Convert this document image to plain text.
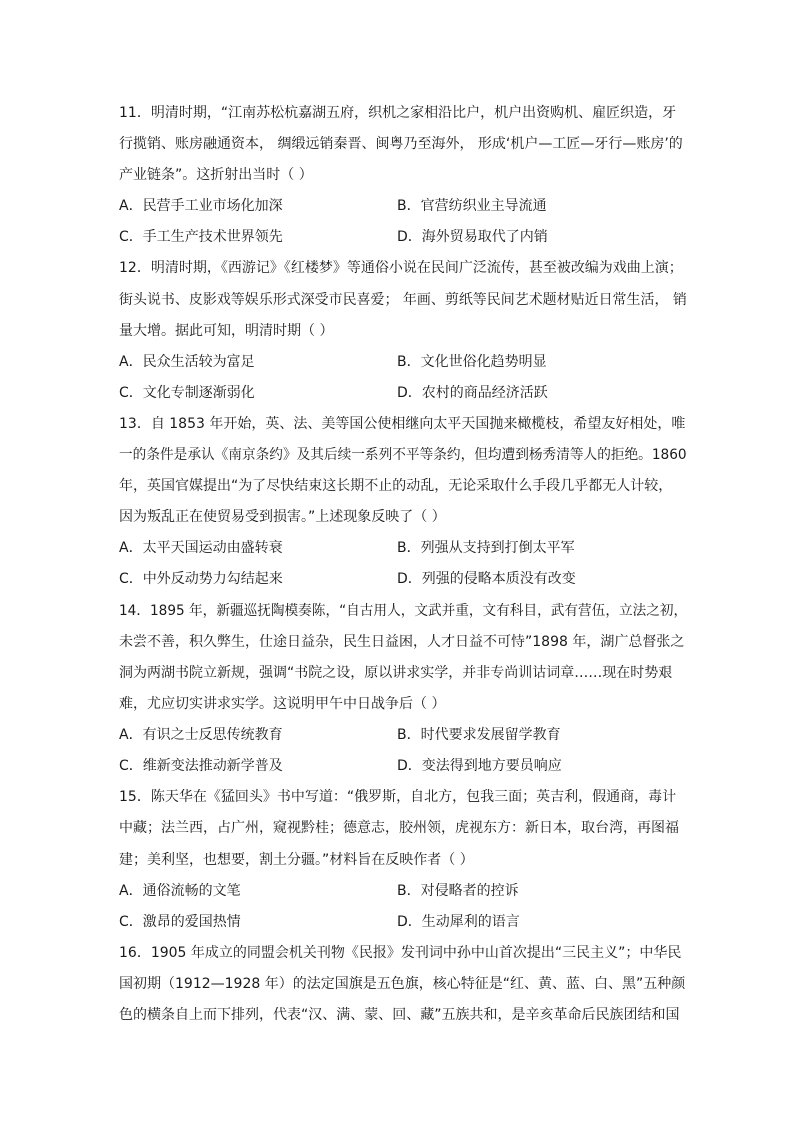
11．明清时期，“江南苏松杭嘉湖五府，织机之家相沿比户，机户出资购机、雇匠织造，牙
行揽销、账房融通资本， 绸缎远销秦晋、闽粤乃至海外， 形成‘机户—工匠—牙行—账房’的
产业链条”。这折射出当时（ ）
A．民营手工业市场化加深	B．官营纺织业主导流通
C．手工生产技术世界领先	D．海外贸易取代了内销
12．明清时期，《西游记》《红楼梦》等通俗小说在民间广泛流传，甚至被改编为戏曲上演；
街头说书、皮影戏等娱乐形式深受市民喜爱； 年画、剪纸等民间艺术题材贴近日常生活， 销
量大增。据此可知，明清时期（ ）
A．民众生活较为富足	B．文化世俗化趋势明显
C．文化专制逐渐弱化	D．农村的商品经济活跃
13．自 1853 年开始，英、法、美等国公使相继向太平天国抛来橄榄枝，希望友好相处，唯
一的条件是承认《南京条约》及其后续一系列不平等条约，但均遭到杨秀清等人的拒绝。1860
年，英国官媒提出“为了尽快结束这长期不止的动乱，无论采取什么手段几乎都无人计较，
因为叛乱正在使贸易受到损害。”上述现象反映了（ ）
A．太平天国运动由盛转衰	B．列强从支持到打倒太平军
C．中外反动势力勾结起来	D．列强的侵略本质没有改变
14．1895 年，新疆巡抚陶模奏陈，“自古用人，文武并重，文有科目，武有营伍，立法之初，
未尝不善，积久弊生，仕途日益杂，民生日益困，人才日益不可恃”1898 年，湖广总督张之
洞为两湖书院立新规，强调“书院之设，原以讲求实学，并非专尚训诂词章……现在时势艰
难，尤应切实讲求实学。这说明甲午中日战争后（ ）
A．有识之士反思传统教育	B．时代要求发展留学教育
C．维新变法推动新学普及	D．变法得到地方要员响应
15．陈天华在《猛回头》书中写道：“俄罗斯，自北方，包我三面；英吉利，假通商，毒计
中藏；法兰西，占广州，窥视黔桂；德意志，胶州领，虎视东方：新日本，取台湾，再图福
建；美利坚，也想要，割土分疆。”材料旨在反映作者（ ）
A．通俗流畅的文笔	B．对侵略者的控诉
C．激昂的爱国热情	D．生动犀利的语言
16．1905 年成立的同盟会机关刊物《民报》发刊词中孙中山首次提出“三民主义”；中华民
国初期（1912—1928 年）的法定国旗是五色旗，核心特征是“红、黄、蓝、白、黑”五种颜
色的横条自上而下排列，代表“汉、满、蒙、回、藏”五族共和，是辛亥革命后民族团结和国
